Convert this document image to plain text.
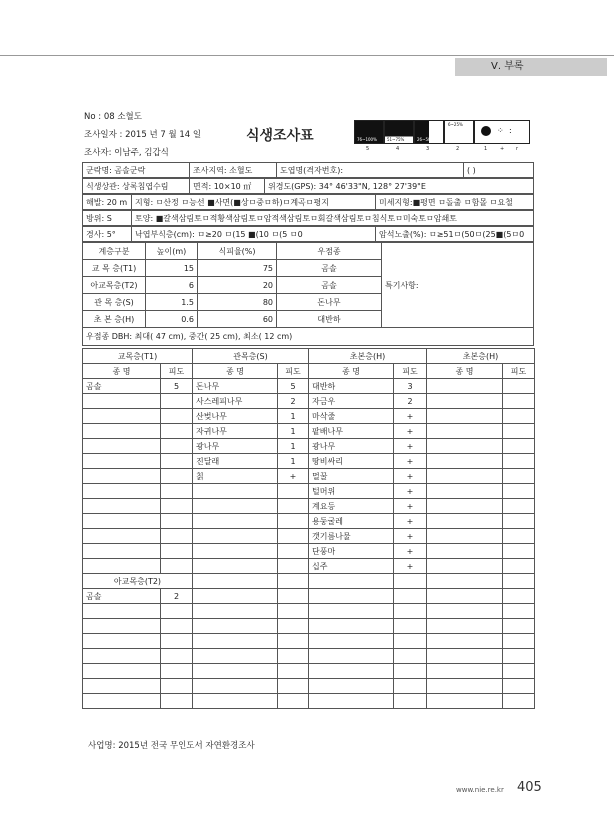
Ⅴ. 부록
No : 08 소혈도
조사일자 : 2015 년 7 월 14 일
조사자: 이남주, 김갑식
식생조사표	76~100%	51~75%	26~50%
6~25%
⁘ :
5	4	3	2	1	+ r
군락명: 곰솔군락	조사지역: 소혈도	도엽명(격자번호):	( )
식생상관: 상록침엽수림	면적: 10×10 ㎡	위경도(GPS): 34° 46'33"N, 128° 27'39"E
해발: 20 m	지형: ㅁ산정 ㅁ능선 ■사면(■상ㅁ중ㅁ하)ㅁ계곡ㅁ평지	미세지형:■평면 ㅁ돌출 ㅁ함몰 ㅁ요철
방위: S	토양: ■갈색삼림토ㅁ적황색삼림토ㅁ암적색삼림토ㅁ회갈색삼림토ㅁ침식토ㅁ미숙토ㅁ암쇄토
경사: 5°	낙엽부식층(cm): ㅁ≥20 ㅁ(15 ■(10 ㅁ(5 ㅁ0	암석노출(%): ㅁ≥51ㅁ(50ㅁ(25■(5ㅁ0
계층구분	높이(m)	식피율(%)	우점종	특기사항:
교 목 층(T1)	15	75	곰솔	
아교목층(T2)	6	20	곰솔	
관 목 층(S)	1.5	80	돈나무	
초 본 층(H)	0.6	60	대반하	
우점종 DBH: 최대( 47 cm), 중간( 25 cm), 최소( 12 cm)				
교목층(T1)		관목층(S)		초본층(H)		초본층(H)	
종 명	피도	종 명	피도	종 명	피도	종 명	피도
곰솔	5	돈나무	5	대반하	3		
		사스레피나무	2	자금우	2		
		산벚나무	1	마삭줄	+		
		자귀나무	1	팥배나무	+		
		광나무	1	광나무	+		
		진달래	1	땅비싸리	+		
		칡	+	멀꿀	+		
				털머위	+		
				계요등	+		
				용둥굴레	+		
				갯기름나물	+		
				단풍마	+		
				십주	+		
아교목층(T2)							
곰솔	2						

사업명: 2015년 전국 무인도서 자연환경조사
www.nie.re.kr 405
